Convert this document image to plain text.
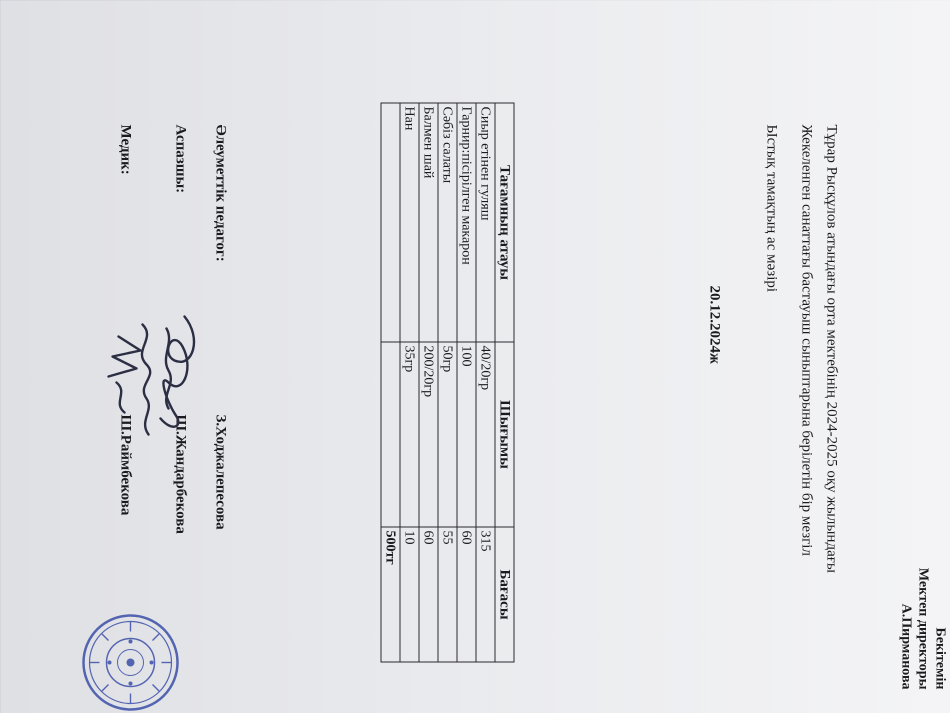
Бекітемін
Мектеп директоры
А.Пирманова
Тұрар Рысқұлов атындағы орта мектебінің 2024-2025 оқу жылындағы
Жекеленген санаттағы бастауыш сыныптарына берілетін бір мезгіл
Ыстық тамақтың ас мәзірі
20.12.2024ж
Тағамның атауы	Шығымы	Бағасы
Сиыр етінен гуляш	40/20гр	315
Гарнир:пісірілген макарон	100	60
Сәбіз салаты	50гр	55
Балмен шай	200/20гр	60
Нан	35гр	10
		500тг
Әлеуметтік педагог:
З.Ходжалепесова
Аспазшы:
Ш.Жандарбекова
Медик:
Ш.Раймбекова
